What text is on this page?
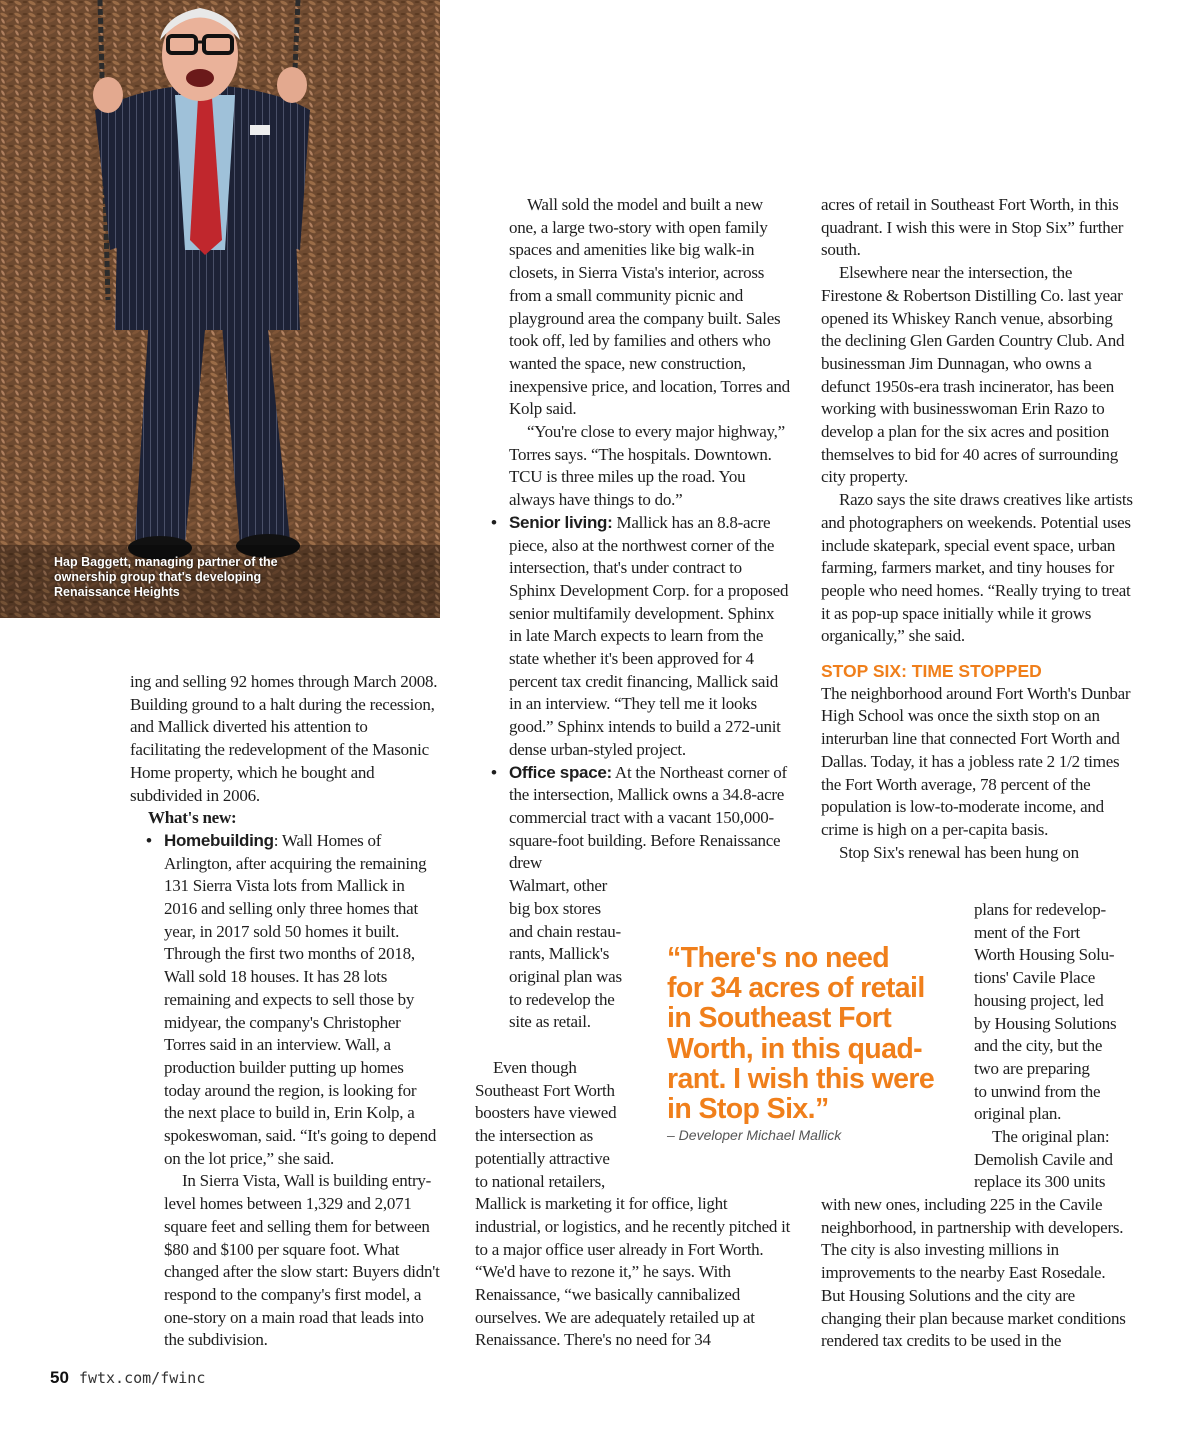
Hap Baggett, managing partner of the ownership group that's developing Renaissance Heights

ing and selling 92 homes through March 2008. Building ground to a halt during the recession, and Mallick diverted his attention to facilitating the redevelopment of the Masonic Home property, which he bought and subdivided in 2006.

What's new:

• Homebuilding: Wall Homes of Arlington, after acquiring the remaining 131 Sierra Vista lots from Mallick in 2016 and selling only three homes that year, in 2017 sold 50 homes it built. Through the first two months of 2018, Wall sold 18 houses. It has 28 lots remaining and expects to sell those by midyear, the company's Christopher Torres said in an interview. Wall, a production builder putting up homes today around the region, is looking for the next place to build in, Erin Kolp, a spokeswoman, said. “It's going to depend on the lot price,” she said.

In Sierra Vista, Wall is building entry-level homes between 1,329 and 2,071 square feet and selling them for between $80 and $100 per square foot. What changed after the slow start: Buyers didn't respond to the company's first model, a one-story on a main road that leads into the subdivision.

Wall sold the model and built a new one, a large two-story with open family spaces and amenities like big walk-in closets, in Sierra Vista's interior, across from a small community picnic and playground area the company built. Sales took off, led by families and others who wanted the space, new construction, inexpensive price, and location, Torres and Kolp said.

“You're close to every major highway,” Torres says. “The hospitals. Downtown. TCU is three miles up the road. You always have things to do.”

• Senior living: Mallick has an 8.8-acre piece, also at the northwest corner of the intersection, that's under contract to Sphinx Development Corp. for a proposed senior multifamily development. Sphinx in late March expects to learn from the state whether it's been approved for 4 percent tax credit financing, Mallick said in an interview. “They tell me it looks good.” Sphinx intends to build a 272-unit dense urban-styled project.

• Office space: At the Northeast corner of the intersection, Mallick owns a 34.8-acre commercial tract with a vacant 150,000-square-foot building. Before Renaissance drew

Walmart, other
big box stores
and chain restau-
rants, Mallick's
original plan was
to redevelop the
site as retail.
Even though
Southeast Fort Worth
boosters have viewed
the intersection as
potentially attractive
to national retailers,

Mallick is marketing it for office, light industrial, or logistics, and he recently pitched it to a major office user already in Fort Worth. “We'd have to rezone it,” he says. With Renaissance, “we basically cannibalized ourselves. We are adequately retailed up at Renaissance. There's no need for 34

“There's no need
for 34 acres of retail
in Southeast Fort
Worth, in this quad-
rant. I wish this were
in Stop Six.”
– Developer Michael Mallick

acres of retail in Southeast Fort Worth, in this quadrant. I wish this were in Stop Six” further south.

Elsewhere near the intersection, the Firestone & Robertson Distilling Co. last year opened its Whiskey Ranch venue, absorbing the declining Glen Garden Country Club. And businessman Jim Dunnagan, who owns a defunct 1950s-era trash incinerator, has been working with businesswoman Erin Razo to develop a plan for the six acres and position themselves to bid for 40 acres of surrounding city property.

Razo says the site draws creatives like artists and photographers on weekends. Potential uses include skatepark, special event space, urban farming, farmers market, and tiny houses for people who need homes. “Really trying to treat it as pop-up space initially while it grows organically,” she said.

STOP SIX: TIME STOPPED

The neighborhood around Fort Worth's Dunbar High School was once the sixth stop on an interurban line that connected Fort Worth and Dallas. Today, it has a jobless rate 2 1/2 times the Fort Worth average, 78 percent of the population is low-to-moderate income, and crime is high on a per-capita basis.

Stop Six's renewal has been hung on

plans for redevelop-
ment of the Fort
Worth Housing Solu-
tions' Cavile Place
housing project, led
by Housing Solutions
and the city, but the
two are preparing
to unwind from the
original plan.
The original plan:
Demolish Cavile and
replace its 300 units

with new ones, including 225 in the Cavile neighborhood, in partnership with developers. The city is also investing millions in improvements to the nearby East Rosedale. But Housing Solutions and the city are changing their plan because market conditions rendered tax credits to be used in the

50 fwtx.com/fwinc
